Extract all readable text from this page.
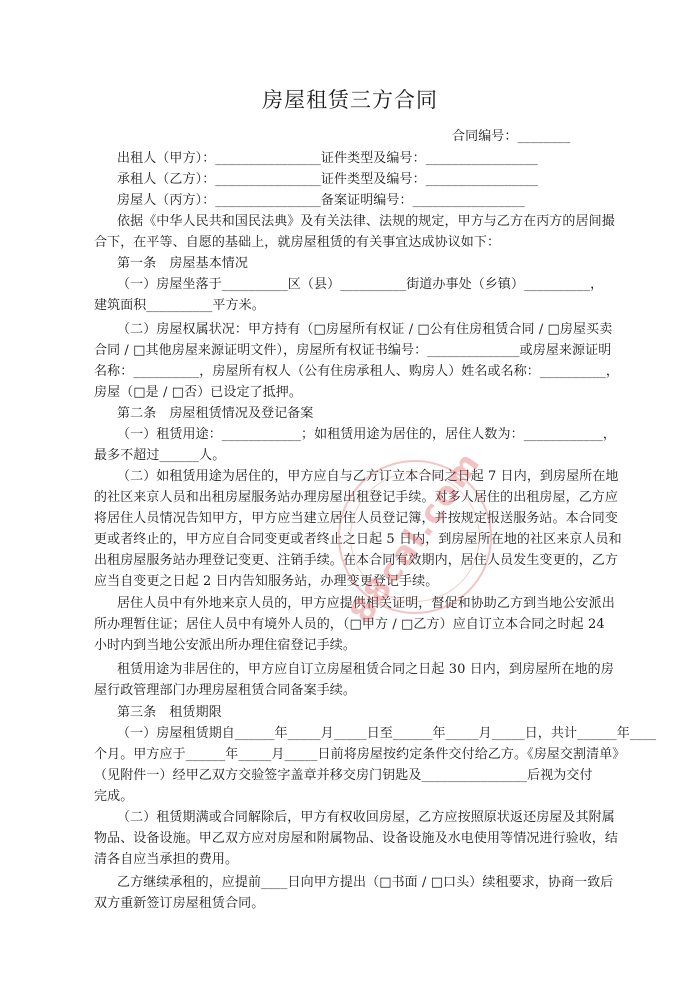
房屋租赁三方合同
合同编号：________
出租人（甲方）：________________证件类型及编号：_________________
承租人（乙方）：________________证件类型及编号：_________________
房屋人（丙方）：________________备案证明编号：_________________
依据《中华人民共和国民法典》及有关法律、法规的规定，甲方与乙方在丙方的居间撮
合下，在平等、自愿的基础上，就房屋租赁的有关事宜达成协议如下：
第一条　房屋基本情况
（一）房屋坐落于__________区（县）__________街道办事处（乡镇）__________，
建筑面积__________平方米。
（二）房屋权属状况：甲方持有（□房屋所有权证 / □公有住房租赁合同 / □房屋买卖
合同 / □其他房屋来源证明文件），房屋所有权证书编号：______________或房屋来源证明
名称：__________，房屋所有权人（公有住房承租人、购房人）姓名或名称：__________，
房屋（□是 / □否）已设定了抵押。
第二条　房屋租赁情况及登记备案
（一）租赁用途：____________；如租赁用途为居住的，居住人数为：____________，
最多不超过______人。
（二）如租赁用途为居住的，甲方应自与乙方订立本合同之日起 7 日内，到房屋所在地
的社区来京人员和出租房屋服务站办理房屋出租登记手续。对多人居住的出租房屋，乙方应
将居住人员情况告知甲方，甲方应当建立居住人员登记簿，并按规定报送服务站。本合同变
更或者终止的，甲方应自合同变更或者终止之日起 5 日内，到房屋所在地的社区来京人员和
出租房屋服务站办理登记变更、注销手续。在本合同有效期内，居住人员发生变更的，乙方
应当自变更之日起 2 日内告知服务站，办理变更登记手续。
居住人员中有外地来京人员的，甲方应提供相关证明，督促和协助乙方到当地公安派出
所办理暂住证；居住人员中有境外人员的，（□甲方 / □乙方）应自订立本合同之时起 24
小时内到当地公安派出所办理住宿登记手续。
租赁用途为非居住的，甲方应自订立房屋租赁合同之日起 30 日内，到房屋所在地的房
屋行政管理部门办理房屋租赁合同备案手续。
第三条　租赁期限
（一）房屋租赁期自______年_____月_____日至______年_____月_____日，共计______年____
个月。甲方应于______年_____月_____日前将房屋按约定条件交付给乙方。《房屋交割清单》
（见附件一）经甲乙双方交验签字盖章并移交房门钥匙及________________后视为交付
完成。
（二）租赁期满或合同解除后，甲方有权收回房屋，乙方应按照原状返还房屋及其附属
物品、设备设施。甲乙双方应对房屋和附属物品、设备设施及水电使用等情况进行验收，结
清各自应当承担的费用。
乙方继续承租的，应提前____日向甲方提出（□书面 / □口头）续租要求，协商一致后
双方重新签订房屋租赁合同。
88cal.com
